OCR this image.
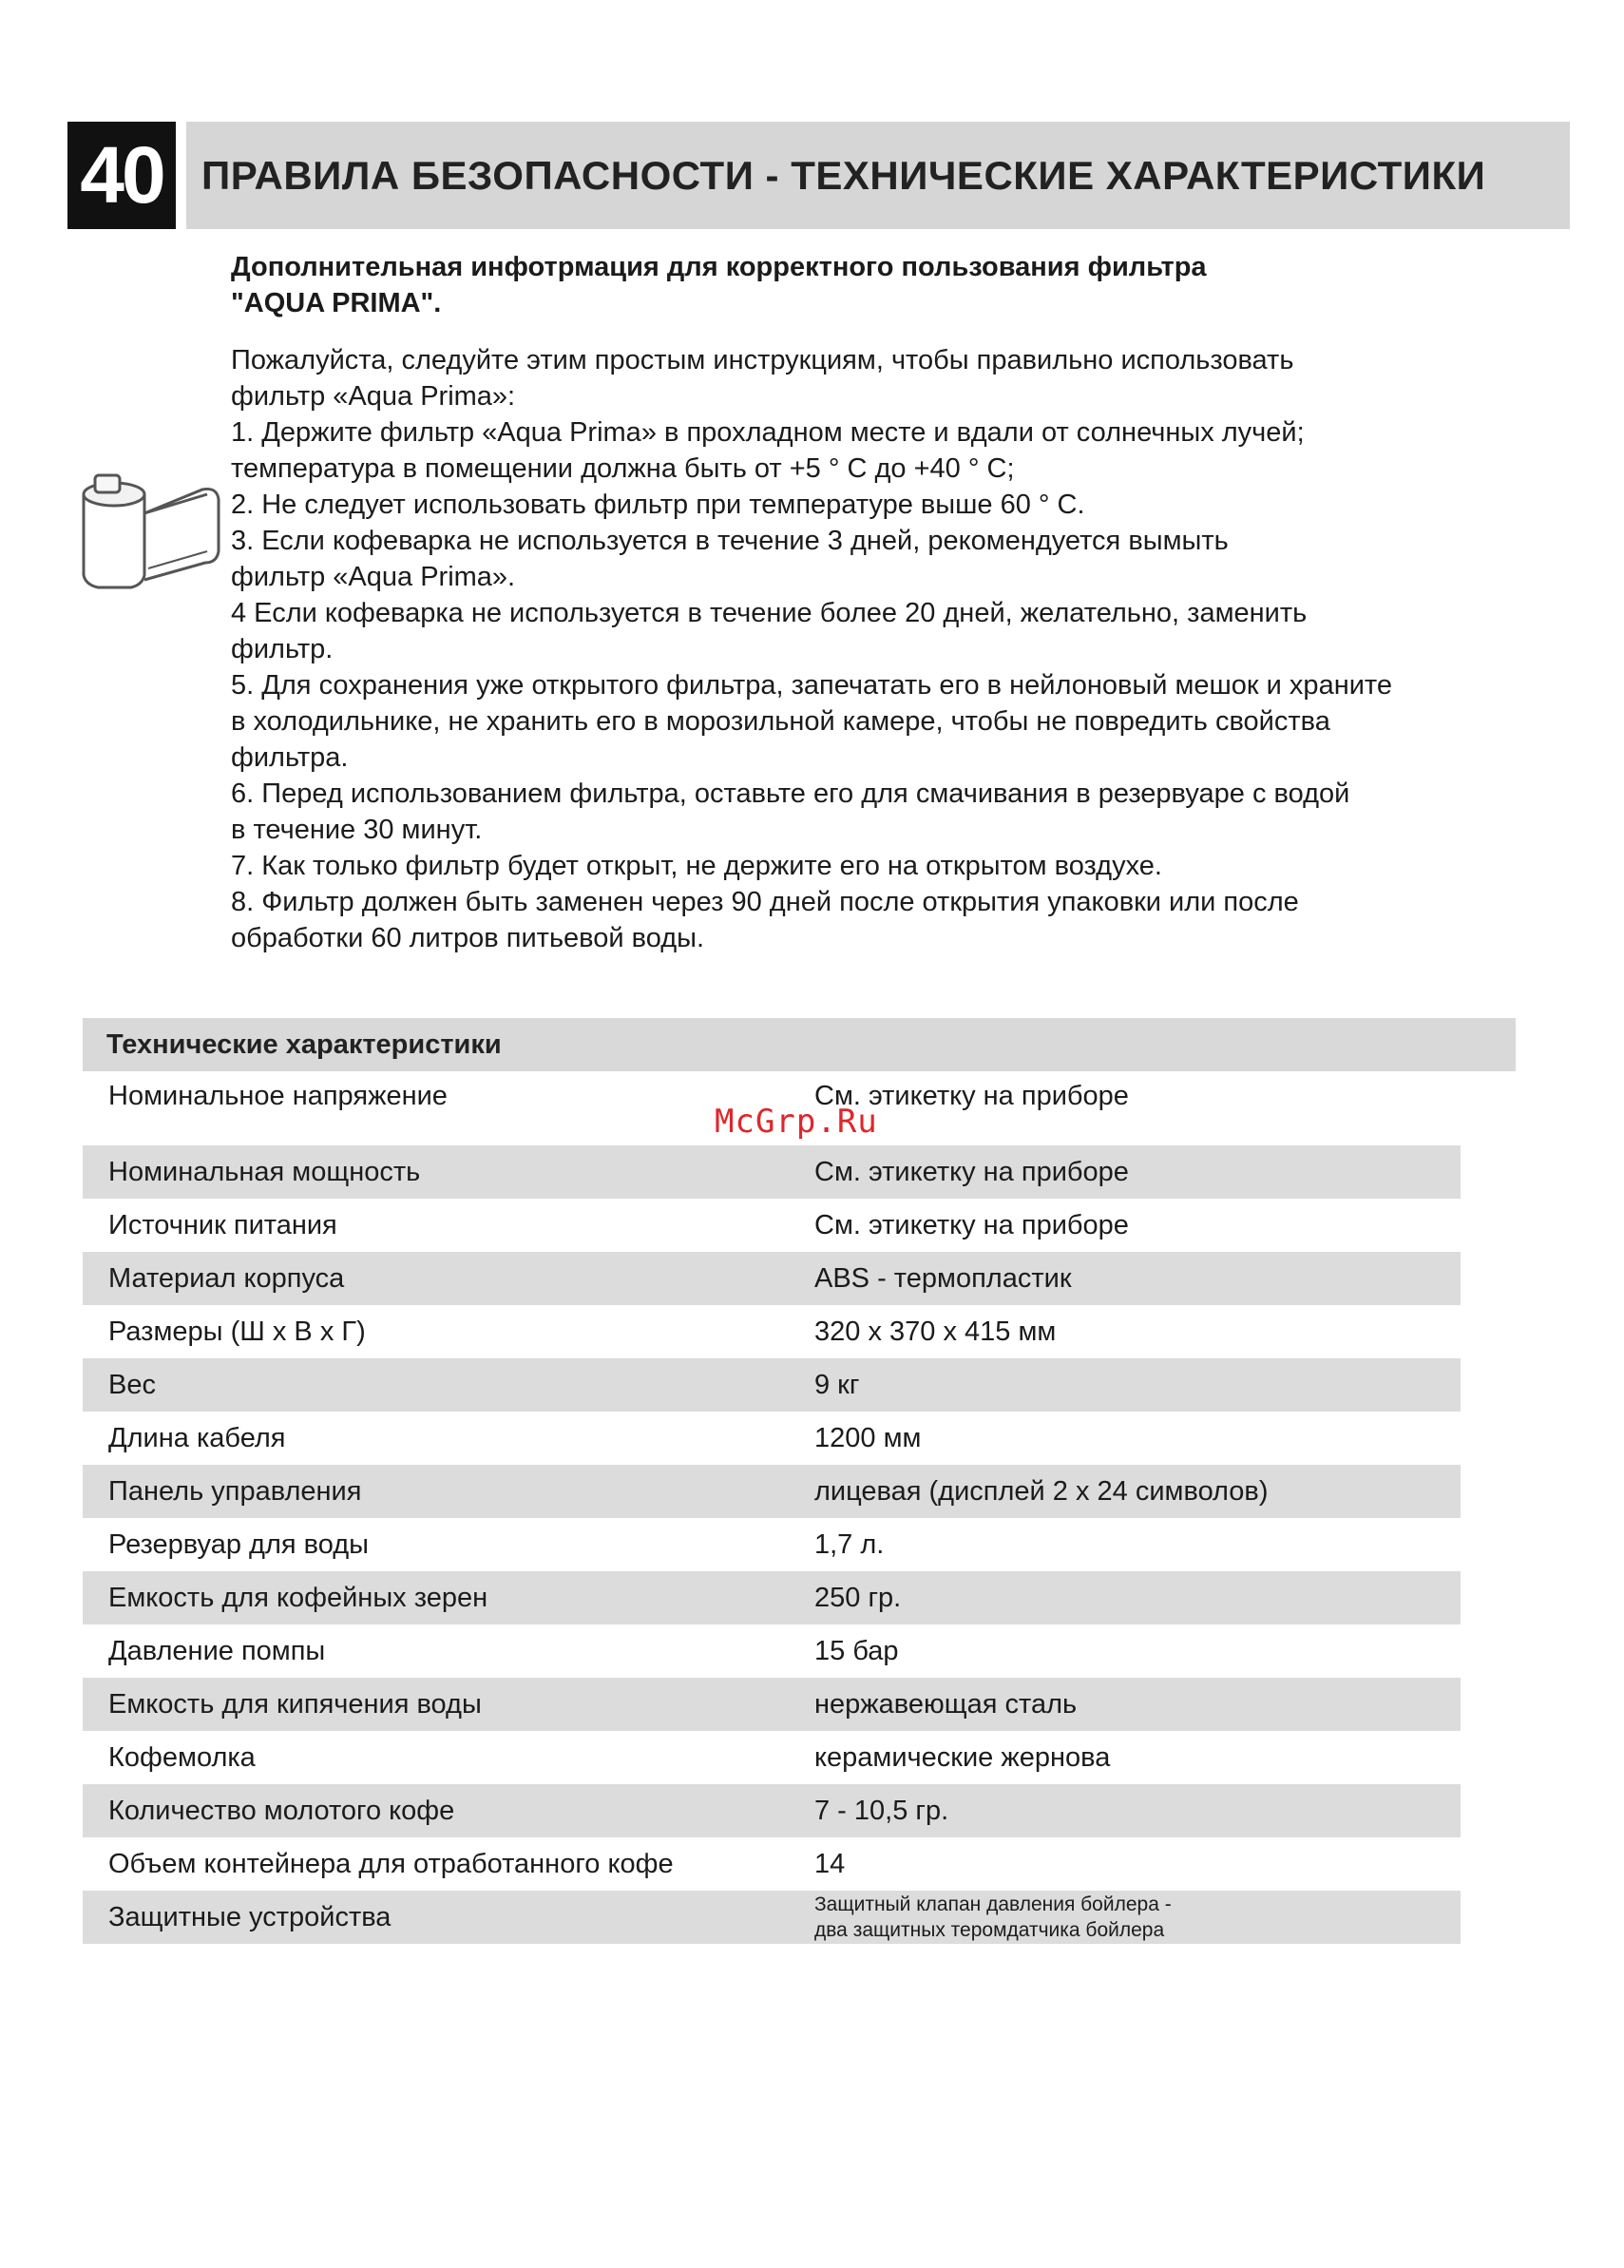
40 ПРАВИЛА БЕЗОПАСНОСТИ - ТЕХНИЧЕСКИЕ ХАРАКТЕРИСТИКИ

Дополнительная инфотрмация для корректного пользования фильтра
"AQUA PRIMA".

Пожалуйста, следуйте этим простым инструкциям, чтобы правильно использовать
фильтр «Aqua Prima»:
1. Держите фильтр «Aqua Prima» в прохладном месте и вдали от солнечных лучей;
температура в помещении должна быть от +5 ° С до +40 ° С;
2. Не следует использовать фильтр при температуре выше 60 ° С.
3. Если кофеварка не используется в течение 3 дней, рекомендуется вымыть
фильтр «Aqua Prima».
4 Если кофеварка не используется в течение более 20 дней, желательно, заменить
фильтр.
5. Для сохранения уже открытого фильтра, запечатать его в нейлоновый мешок и храните
в холодильнике, не хранить его в морозильной камере, чтобы не повредить свойства
фильтра.
6. Перед использованием фильтра, оставьте его для смачивания в резервуаре с водой
в течение 30 минут.
7. Как только фильтр будет открыт, не держите его на открытом воздухе.
8. Фильтр должен быть заменен через 90 дней после открытия упаковки или после
обработки 60 литров питьевой воды.

Технические характеристики
Номинальное напряжение	См. этикетку на приборе
Номинальная мощность	См. этикетку на приборе
Источник питания	См. этикетку на приборе
Материал корпуса	ABS - термопластик
Размеры (Ш x В x Г)	320 x 370 x 415 мм
Вес	9 кг
Длина кабеля	1200 мм
Панель управления	лицевая (дисплей 2 x 24 символов)
Резервуар для воды	1,7 л.
Емкость для кофейных зерен	250 гр.
Давление помпы	15 бар
Емкость для кипячения воды	нержавеющая сталь
Кофемолка	керамические жернова
Количество молотого кофе	7 - 10,5 гр.
Объем контейнера для отработанного кофе	14
Защитные устройства	Защитный клапан давления бойлера -
два защитных теромдатчика бойлера
McGrp.Ru
